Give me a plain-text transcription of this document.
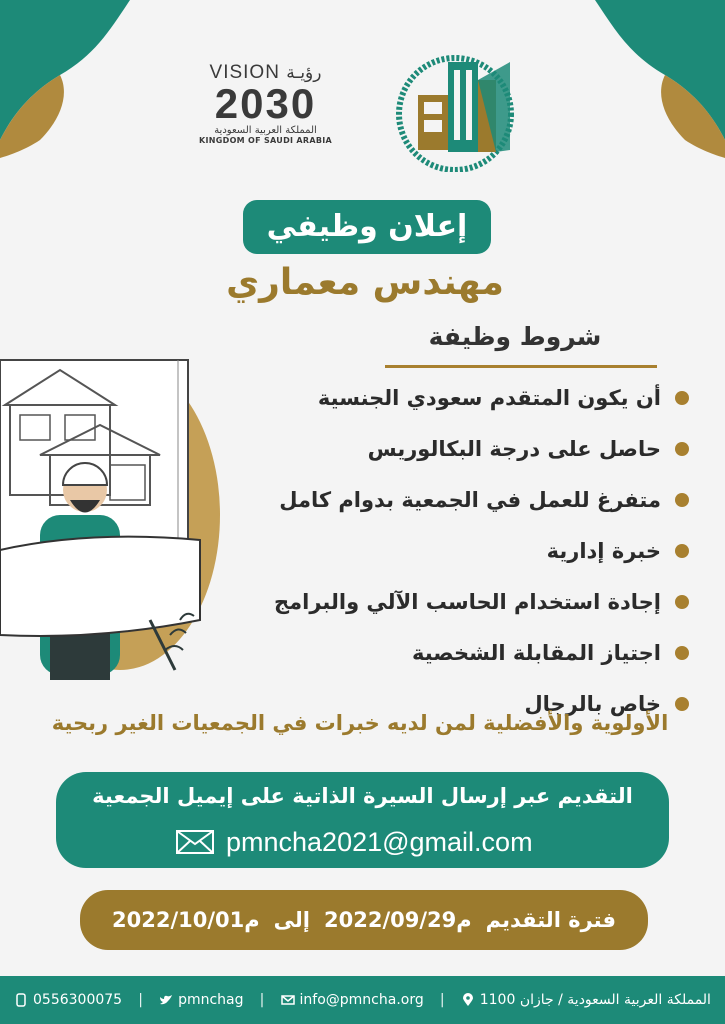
VISION رؤيـة
2030
المملكة العربية السعودية
KINGDOM OF SAUDI ARABIA
إعلان وظيفي
مهندس معماري
شروط وظيفة
أن يكون المتقدم سعودي الجنسية
حاصل على درجة البكالوريس
متفرغ للعمل في الجمعية بدوام كامل
خبرة إدارية
إجادة استخدام الحاسب الآلي والبرامج
اجتياز المقابلة الشخصية
خاص بالرجال
الأولوية والأفضلية لمن لديه خبرات في الجمعيات الغير ربحية
التقديم عبر إرسال السيرة الذاتية على إيميل الجمعية
pmncha2021@gmail.com
فترة التقديم
2022/09/29م
إلى
2022/10/01م
0556300075 |	pmnchag |	info@pmncha.org |	المملكة العربية السعودية / جازان 1100
